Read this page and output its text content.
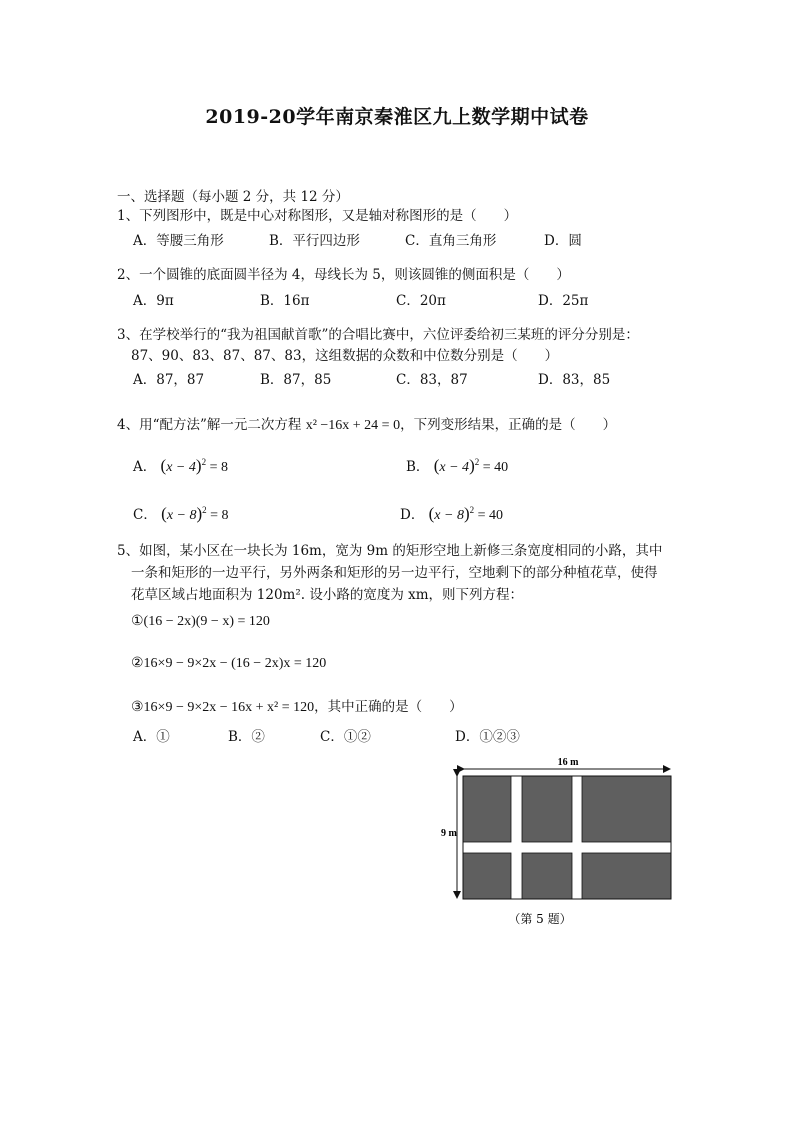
2019-20学年南京秦淮区九上数学期中试卷
一、选择题（每小题 2 分，共 12 分）
1、下列图形中，既是中心对称图形，又是轴对称图形的是（　　）
A．等腰三角形	B．平行四边形	C．直角三角形	D．圆
2、一个圆锥的底面圆半径为 4，母线长为 5，则该圆锥的侧面积是（　　）
A．9π	B．16π	C．20π	D．25π
3、在学校举行的“我为祖国献首歌”的合唱比赛中，六位评委给初三某班的评分分别是：
87、90、83、87、87、83，这组数据的众数和中位数分别是（　　）
A．87，87	B．87，85	C．83，87	D．83，85
4、用“配方法”解一元二次方程 x² −16x + 24 = 0，下列变形结果，正确的是（　　）
A． $(x - 4)^2 = 8$	B． $(x - 4)^2 = 40$
C． $(x - 8)^2 = 8$	D． $(x - 8)^2 = 40$
5、如图，某小区在一块长为 16m，宽为 9m 的矩形空地上新修三条宽度相同的小路，其中
一条和矩形的一边平行，另外两条和矩形的另一边平行，空地剩下的部分种植花草，使得
花草区域占地面积为 120m². 设小路的宽度为 xm，则下列方程：
①(16 − 2x)(9 − x) = 120
②16×9 − 9×2x − (16 − 2x)x = 120
③16×9 − 9×2x − 16x + x² = 120，其中正确的是（　　）
A．①	B．②	C．①②	D．①②③
16 m
9 m
（第 5 题）
